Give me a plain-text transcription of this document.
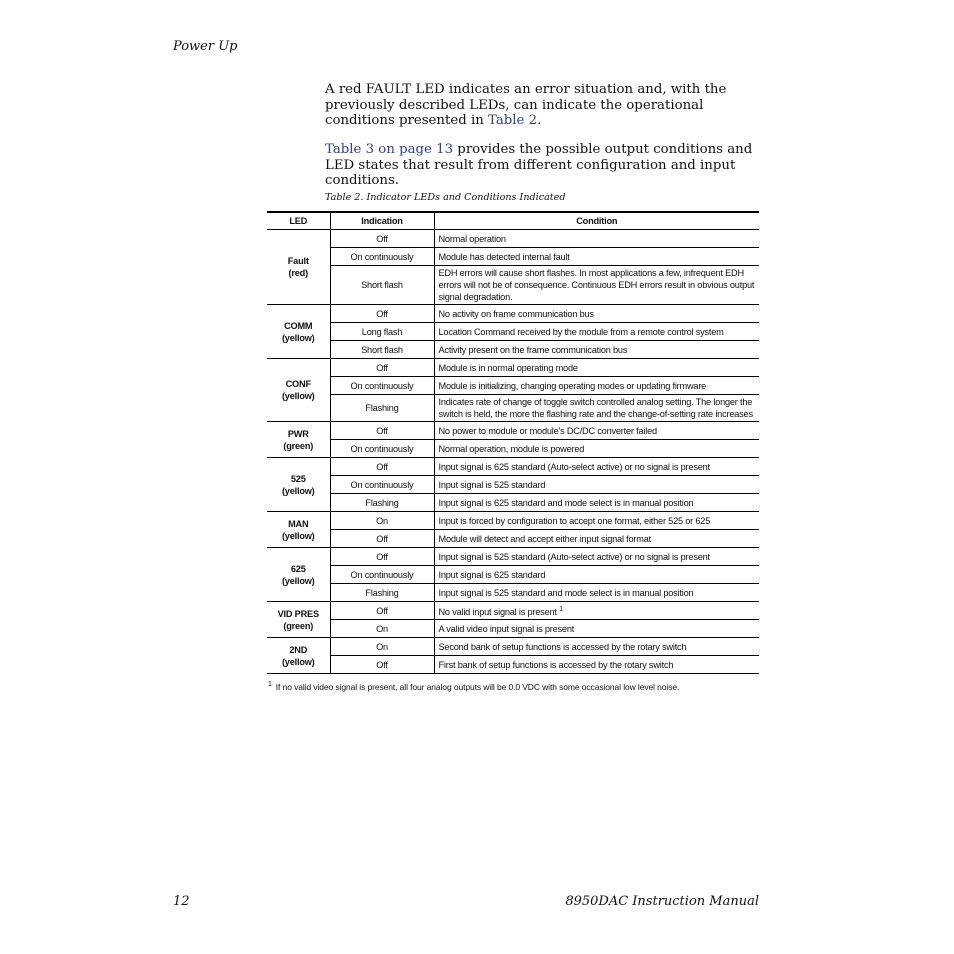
Power Up

A red FAULT LED indicates an error situation and, with the previously described LEDs, can indicate the operational conditions presented in Table 2.

Table 3 on page 13 provides the possible output conditions and LED states that result from different configuration and input conditions.

Table 2. Indicator LEDs and Conditions Indicated
LED	Indication	Condition
Fault
(red)	Off	Normal operation
	On continuously	Module has detected internal fault
	Short flash	EDH errors will cause short flashes. In most applications a few, infrequent EDH errors will not be of consequence. Continuous EDH errors result in obvious output signal degradation.
COMM
(yellow)	Off	No activity on frame communication bus
	Long flash	Location Command received by the module from a remote control system
	Short flash	Activity present on the frame communication bus
CONF
(yellow)	Off	Module is in normal operating mode
	On continuously	Module is initializing, changing operating modes or updating firmware
	Flashing	Indicates rate of change of toggle switch controlled analog setting. The longer the switch is held, the more the flashing rate and the change-of-setting rate increases
PWR
(green)	Off	No power to module or module's DC/DC converter failed
	On continuously	Normal operation, module is powered
525
(yellow)	Off	Input signal is 625 standard (Auto-select active) or no signal is present
	On continuously	Input signal is 525 standard
	Flashing	Input signal is 625 standard and mode select is in manual position
MAN
(yellow)	On	Input is forced by configuration to accept one format, either 525 or 625
	Off	Module will detect and accept either input signal format
625
(yellow)	Off	Input signal is 525 standard (Auto-select active) or no signal is present
	On continuously	Input signal is 625 standard
	Flashing	Input signal is 525 standard and mode select is in manual position
VID PRES
(green)	Off	No valid input signal is present $^1$
	On	A valid video input signal is present
2ND
(yellow)	On	Second bank of setup functions is accessed by the rotary switch
	Off	First bank of setup functions is accessed by the rotary switch
$^1$ If no valid video signal is present, all four analog outputs will be 0.0 VDC with some occasional low level noise.
12	8950DAC Instruction Manual
